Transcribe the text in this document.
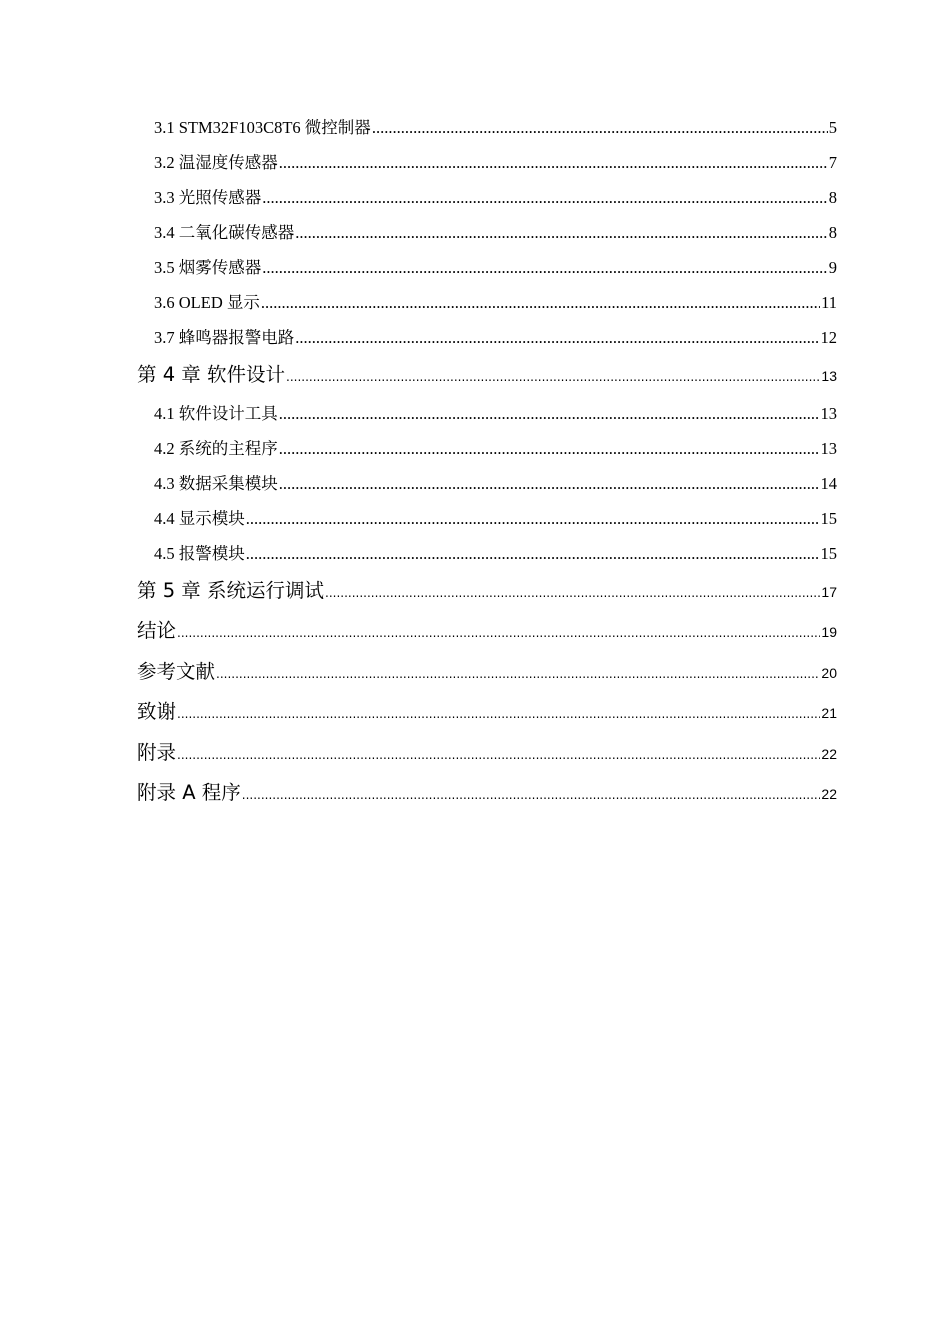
3.1 STM32F103C8T6 微控制器 .....	5
3.2 温湿度传感器 .....	7
3.3 光照传感器 .....	8
3.4 二氧化碳传感器 .....	8
3.5 烟雾传感器 .....	9
3.6 OLED 显示 .....	11
3.7 蜂鸣器报警电路 .....	12
第 4 章 软件设计 .....	13
4.1 软件设计工具 .....	13
4.2 系统的主程序 .....	13
4.3 数据采集模块 .....	14
4.4 显示模块 .....	15
4.5 报警模块 .....	15
第 5 章 系统运行调试 .....	17
结论 .....	19
参考文献 .....	20
致谢 .....	21
附录 .....	22
附录 A 程序 .....	22
